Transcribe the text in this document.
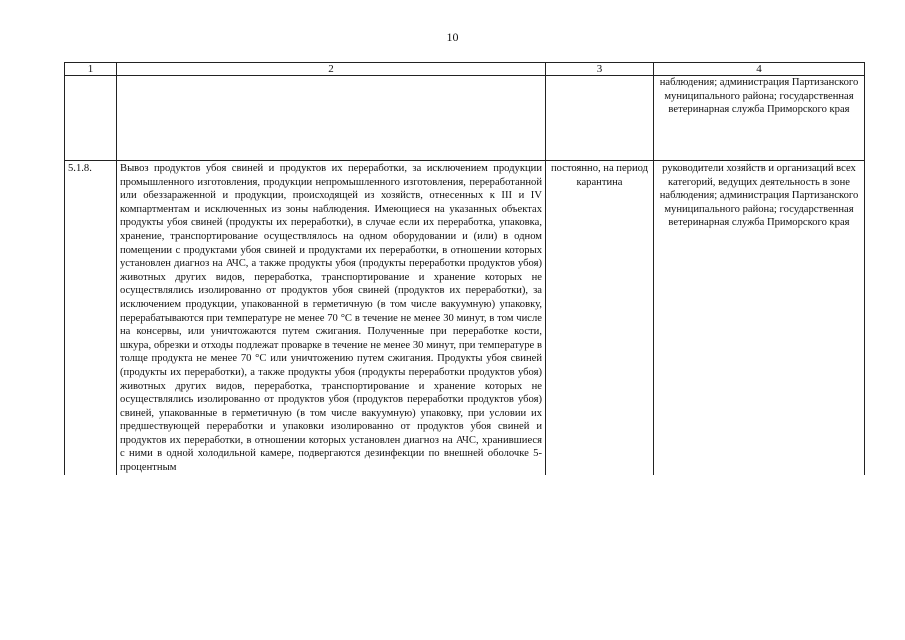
10
1	2	3	4
			наблюдения; администрация Партизанского муниципального района; государственная ветеринарная служба Приморского края
5.1.8.	Вывоз продуктов убоя свиней и продуктов их переработки, за исключением продукции промышленного изготовления, продукции непромышленного изготовления, переработанной или обеззараженной и продукции, происходящей из хозяйств, отнесенных к III и IV компартментам и исключенных из зоны наблюдения. Имеющиеся на указанных объектах продукты убоя свиней (продукты их переработки), в случае если их переработка, упаковка, хранение, транспортирование осуществлялось на одном оборудовании и (или) в одном помещении с продуктами убоя свиней и продуктами их переработки, в отношении которых установлен диагноз на АЧС, а также продукты убоя (продукты переработки продуктов убоя) животных других видов, переработка, транспортирование и хранение которых не осуществлялись изолированно от продуктов убоя свиней (продуктов их переработки), за исключением продукции, упакованной в герметичную (в том числе вакуумную) упаковку, перерабатываются при температуре не менее 70 °С в течение не менее 30 минут, в том числе на консервы, или уничтожаются путем сжигания. Полученные при переработке кости, шкура, обрезки и отходы подлежат проварке в течение не менее 30 минут, при температуре в толще продукта не менее 70 °С или уничтожению путем сжигания. Продукты убоя свиней (продукты их переработки), а также продукты убоя (продукты переработки продуктов убоя) животных других видов, переработка, транспортирование и хранение которых не осуществлялись изолированно от продуктов убоя (продуктов переработки продуктов убоя) свиней, упакованные в герметичную (в том числе вакуумную) упаковку, при условии их предшествующей переработки и упаковки изолированно от продуктов убоя свиней и продуктов их переработки, в отношении которых установлен диагноз на АЧС, хранившиеся с ними в одной холодильной камере, подвергаются дезинфекции по внешней оболочке 5-процентным	постоянно, на период карантина	руководители хозяйств и организаций всех категорий, ведущих деятельность в зоне наблюдения; администрация Партизанского муниципального района; государственная ветеринарная служба Приморского края
